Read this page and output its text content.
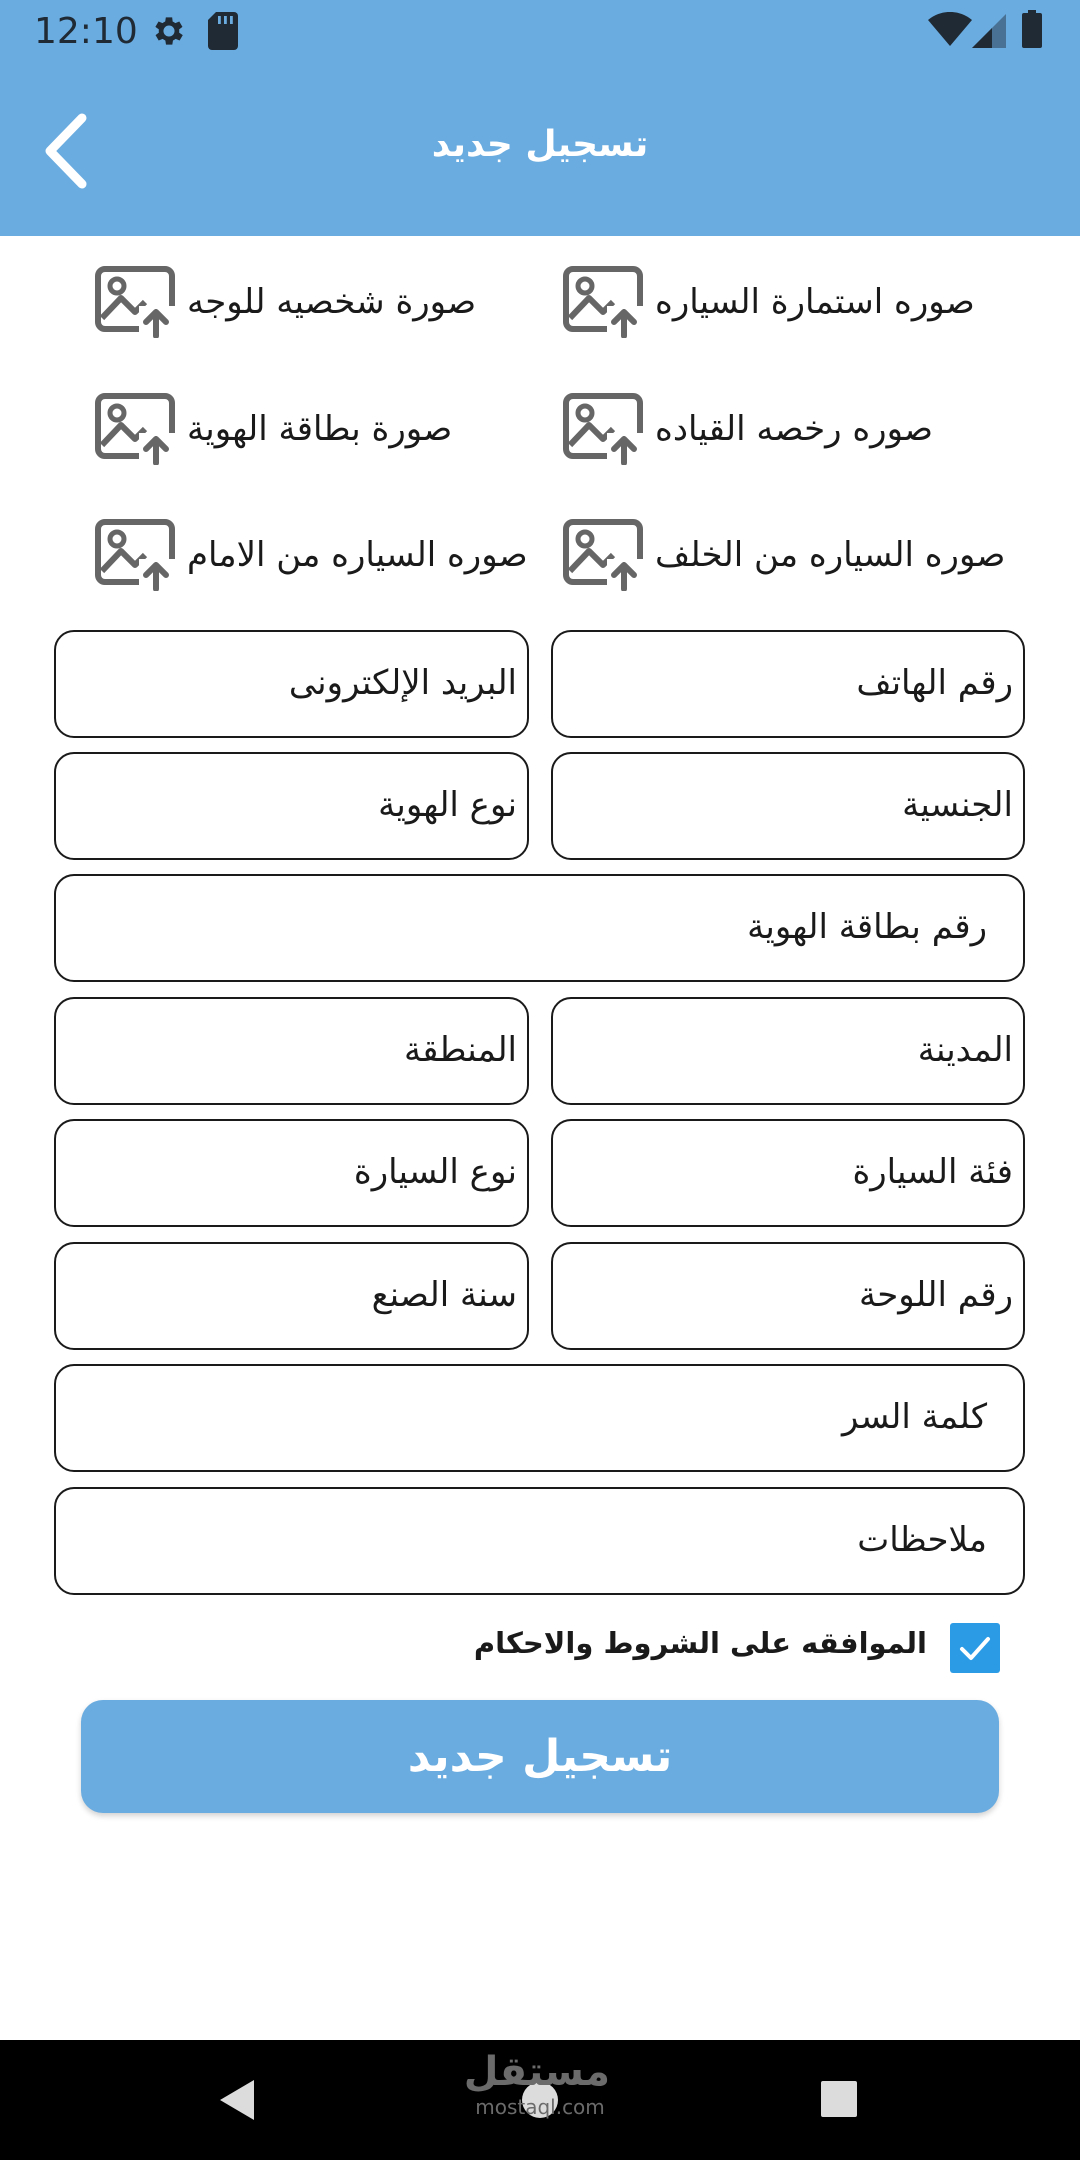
12:10
تسجيل جديد
صوره استمارة السياره
صورة شخصيه للوجه
صوره رخصه القياده
صورة بطاقة الهوية
صوره السياره من الخلف
صوره السياره من الامام
رقم الهاتف
البريد الإلكترونى
الجنسية
نوع الهوية
رقم بطاقة الهوية
المدينة
المنطقة
فئة السيارة
نوع السيارة
رقم اللوحة
سنة الصنع
كلمة السر
ملاحظات
الموافقه على الشروط والاحكام
تسجيل جديد
مستقل
mostaql.com
